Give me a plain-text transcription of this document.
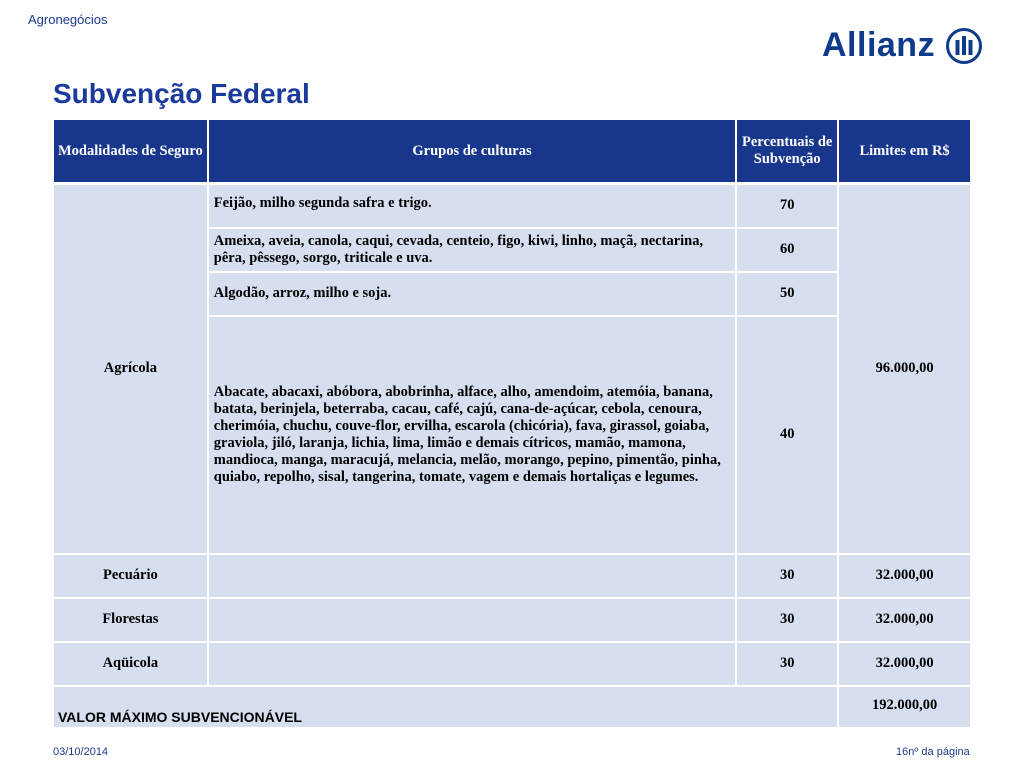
Agronegócios
Allianz
Subvenção Federal
Modalidades de Seguro	Grupos de culturas	Percentuais de Subvenção	Limites em R$
Agrícola	Feijão, milho segunda safra e trigo.	70	96.000,00
	Ameixa, aveia, canola, caqui, cevada, centeio, figo, kiwi, linho, maçã, nectarina, pêra, pêssego, sorgo, triticale e uva.	60	
	Algodão, arroz, milho e soja.	50	
	Abacate, abacaxi, abóbora, abobrinha, alface, alho, amendoim, atemóia, banana, batata, berinjela, beterraba, cacau, café, cajú, cana-de-açúcar, cebola, cenoura, cherimóia, chuchu, couve-flor, ervilha, escarola (chicória), fava, girassol, goiaba, graviola, jiló, laranja, lichia, lima, limão e demais cítricos, mamão, mamona, mandioca, manga, maracujá, melancia, melão, morango, pepino, pimentão, pinha, quiabo, repolho, sisal, tangerina, tomate, vagem e demais hortaliças e legumes.	40	
Pecuário		30	32.000,00
Florestas		30	32.000,00
Aqüicola		30	32.000,00
VALOR MÁXIMO SUBVENCIONÁVEL			192.000,00
03/10/2014	16nº da página
